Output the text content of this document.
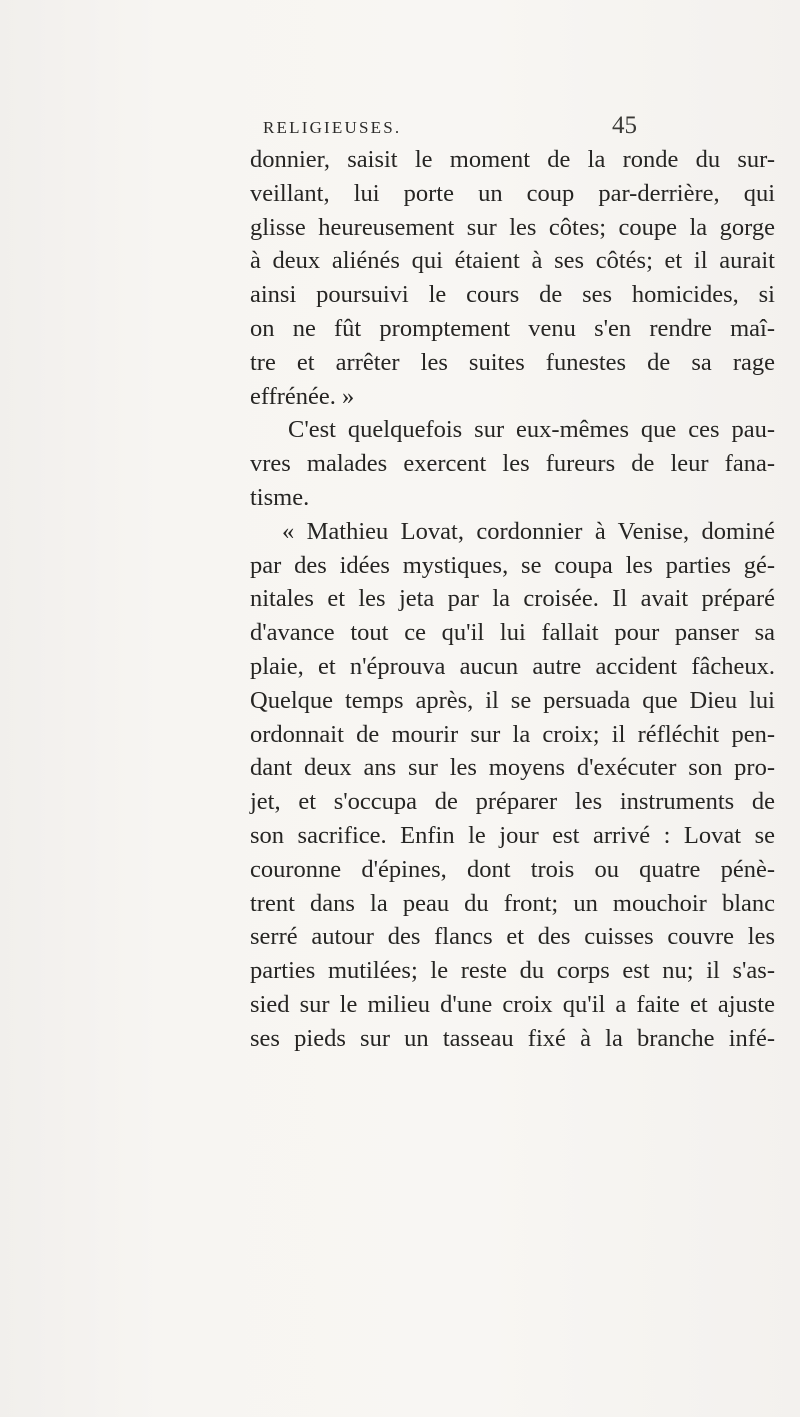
RELIGIEUSES.	45
donnier, saisit le moment de la ronde du sur-
veillant, lui porte un coup par-derrière, qui
glisse heureusement sur les côtes; coupe la gorge
à deux aliénés qui étaient à ses côtés; et il aurait
ainsi poursuivi le cours de ses homicides, si
on ne fût promptement venu s'en rendre maî-
tre et arrêter les suites funestes de sa rage
effrénée. »
C'est quelquefois sur eux-mêmes que ces pau-
vres malades exercent les fureurs de leur fana-
tisme.
« Mathieu Lovat, cordonnier à Venise, dominé
par des idées mystiques, se coupa les parties gé-
nitales et les jeta par la croisée. Il avait préparé
d'avance tout ce qu'il lui fallait pour panser sa
plaie, et n'éprouva aucun autre accident fâcheux.
Quelque temps après, il se persuada que Dieu lui
ordonnait de mourir sur la croix; il réfléchit pen-
dant deux ans sur les moyens d'exécuter son pro-
jet, et s'occupa de préparer les instruments de
son sacrifice. Enfin le jour est arrivé : Lovat se
couronne d'épines, dont trois ou quatre pénè-
trent dans la peau du front; un mouchoir blanc
serré autour des flancs et des cuisses couvre les
parties mutilées; le reste du corps est nu; il s'as-
sied sur le milieu d'une croix qu'il a faite et ajuste
ses pieds sur un tasseau fixé à la branche infé-
